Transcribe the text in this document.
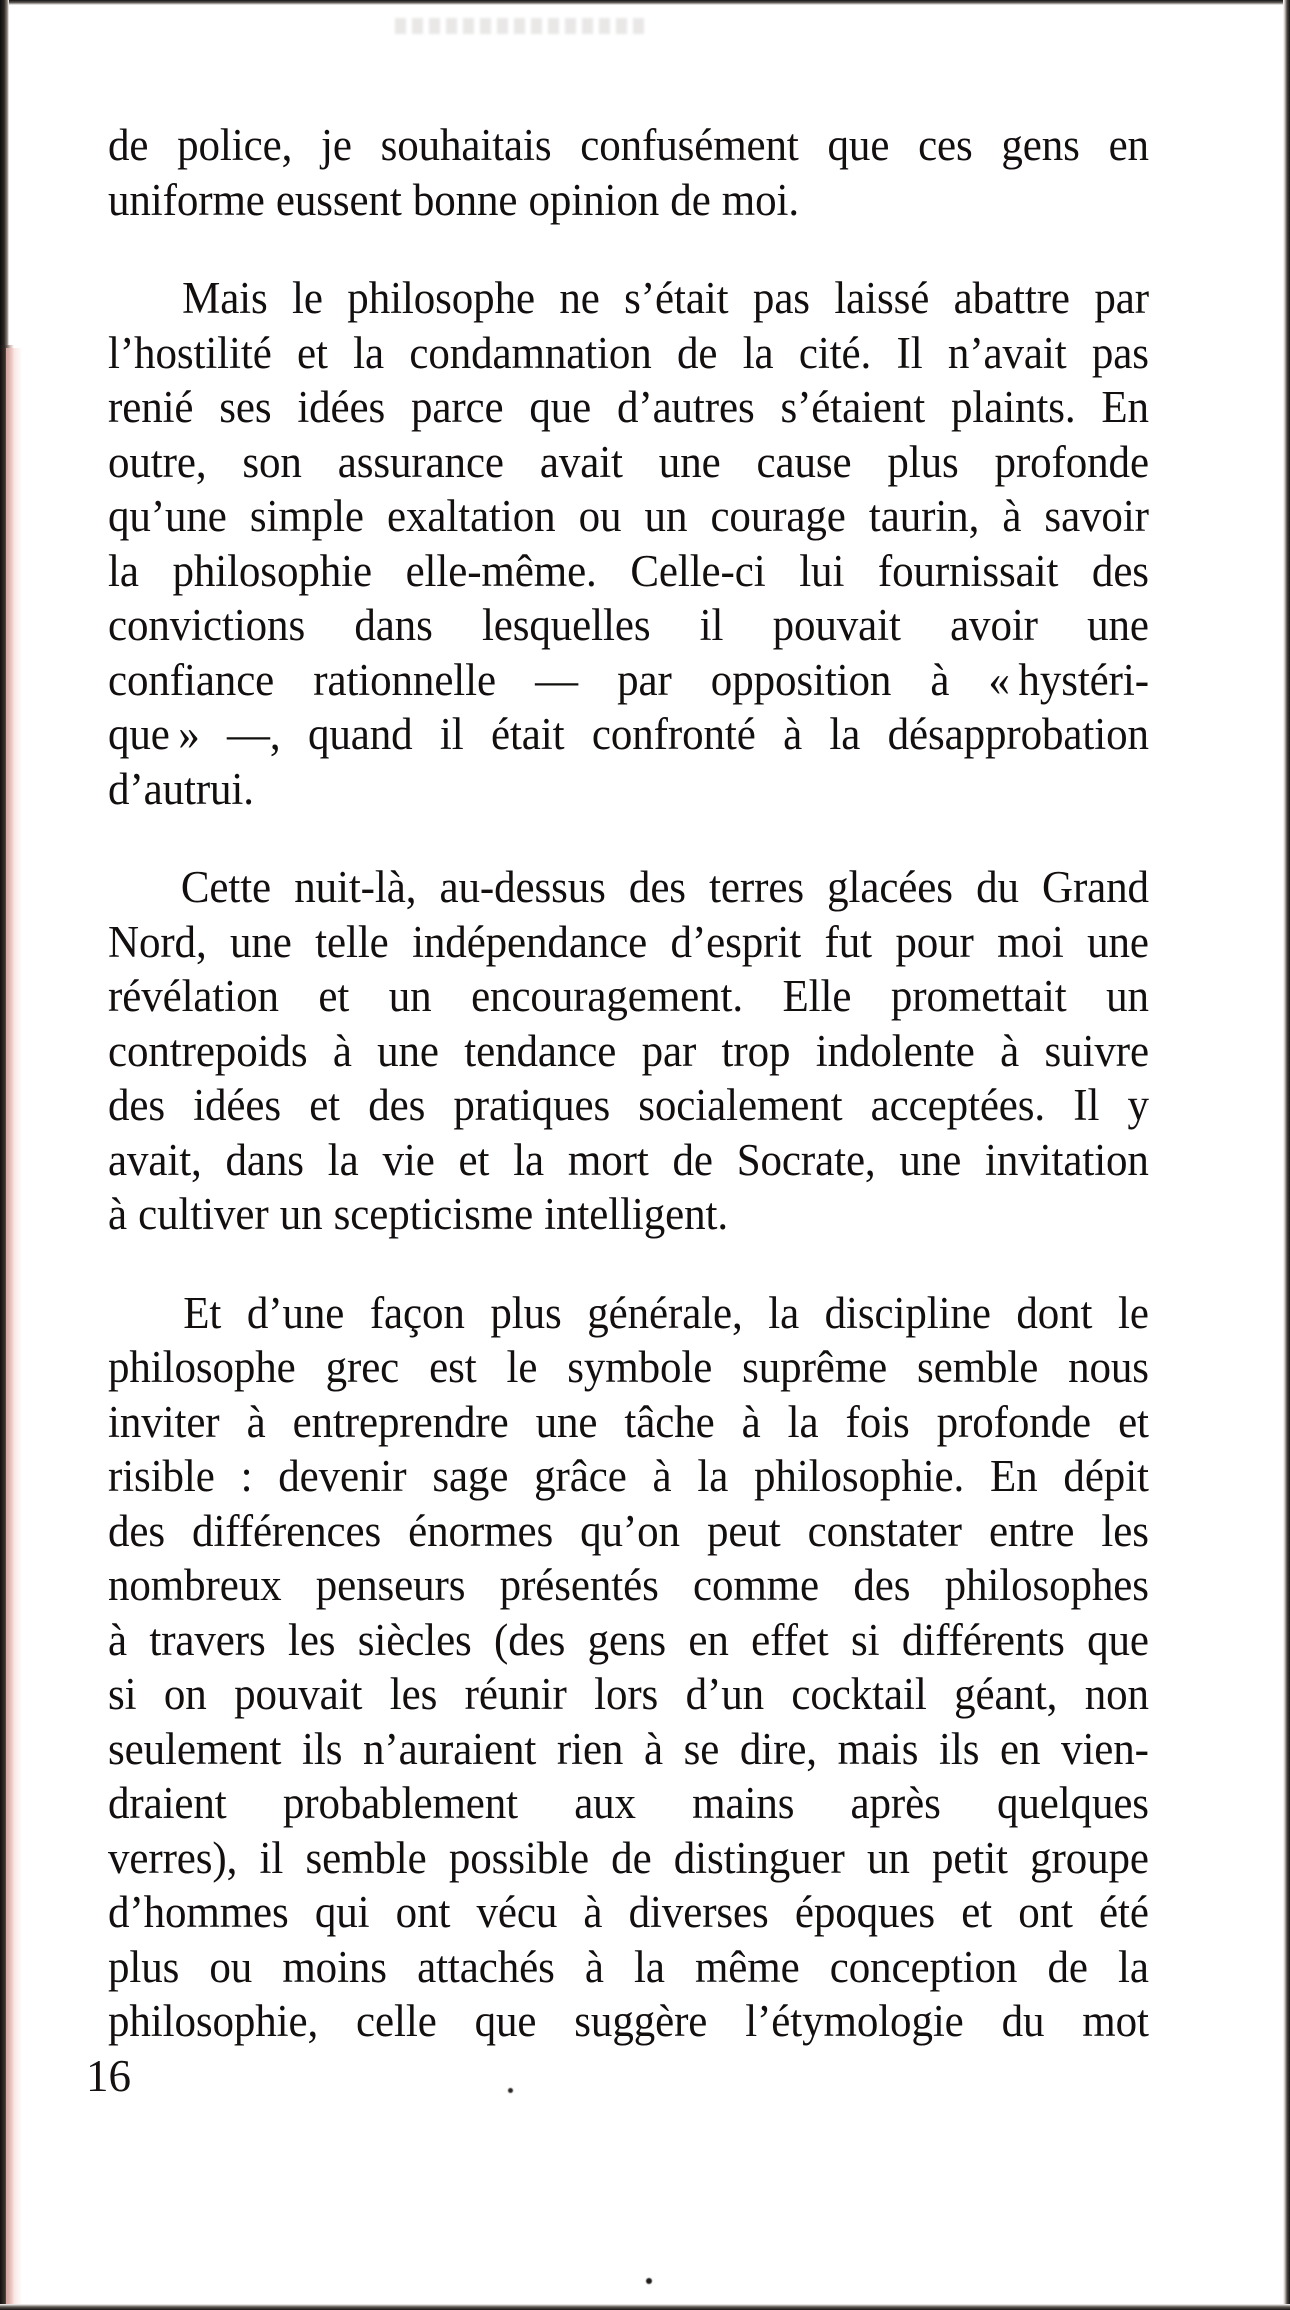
de police, je souhaitais confusément que ces gens en
uniforme eussent bonne opinion de moi.
Mais le philosophe ne s’était pas laissé abattre par
l’hostilité et la condamnation de la cité. Il n’avait pas
renié ses idées parce que d’autres s’étaient plaints. En
outre, son assurance avait une cause plus profonde
qu’une simple exaltation ou un courage taurin, à savoir
la philosophie elle-même. Celle-ci lui fournissait des
convictions dans lesquelles il pouvait avoir une
confiance rationnelle — par opposition à « hystéri-
que » —, quand il était confronté à la désapprobation
d’autrui.
Cette nuit-là, au-dessus des terres glacées du Grand
Nord, une telle indépendance d’esprit fut pour moi une
révélation et un encouragement. Elle promettait un
contrepoids à une tendance par trop indolente à suivre
des idées et des pratiques socialement acceptées. Il y
avait, dans la vie et la mort de Socrate, une invitation
à cultiver un scepticisme intelligent.
Et d’une façon plus générale, la discipline dont le
philosophe grec est le symbole suprême semble nous
inviter à entreprendre une tâche à la fois profonde et
risible : devenir sage grâce à la philosophie. En dépit
des différences énormes qu’on peut constater entre les
nombreux penseurs présentés comme des philosophes
à travers les siècles (des gens en effet si différents que
si on pouvait les réunir lors d’un cocktail géant, non
seulement ils n’auraient rien à se dire, mais ils en vien-
draient probablement aux mains après quelques
verres), il semble possible de distinguer un petit groupe
d’hommes qui ont vécu à diverses époques et ont été
plus ou moins attachés à la même conception de la
philosophie, celle que suggère l’étymologie du mot
16
